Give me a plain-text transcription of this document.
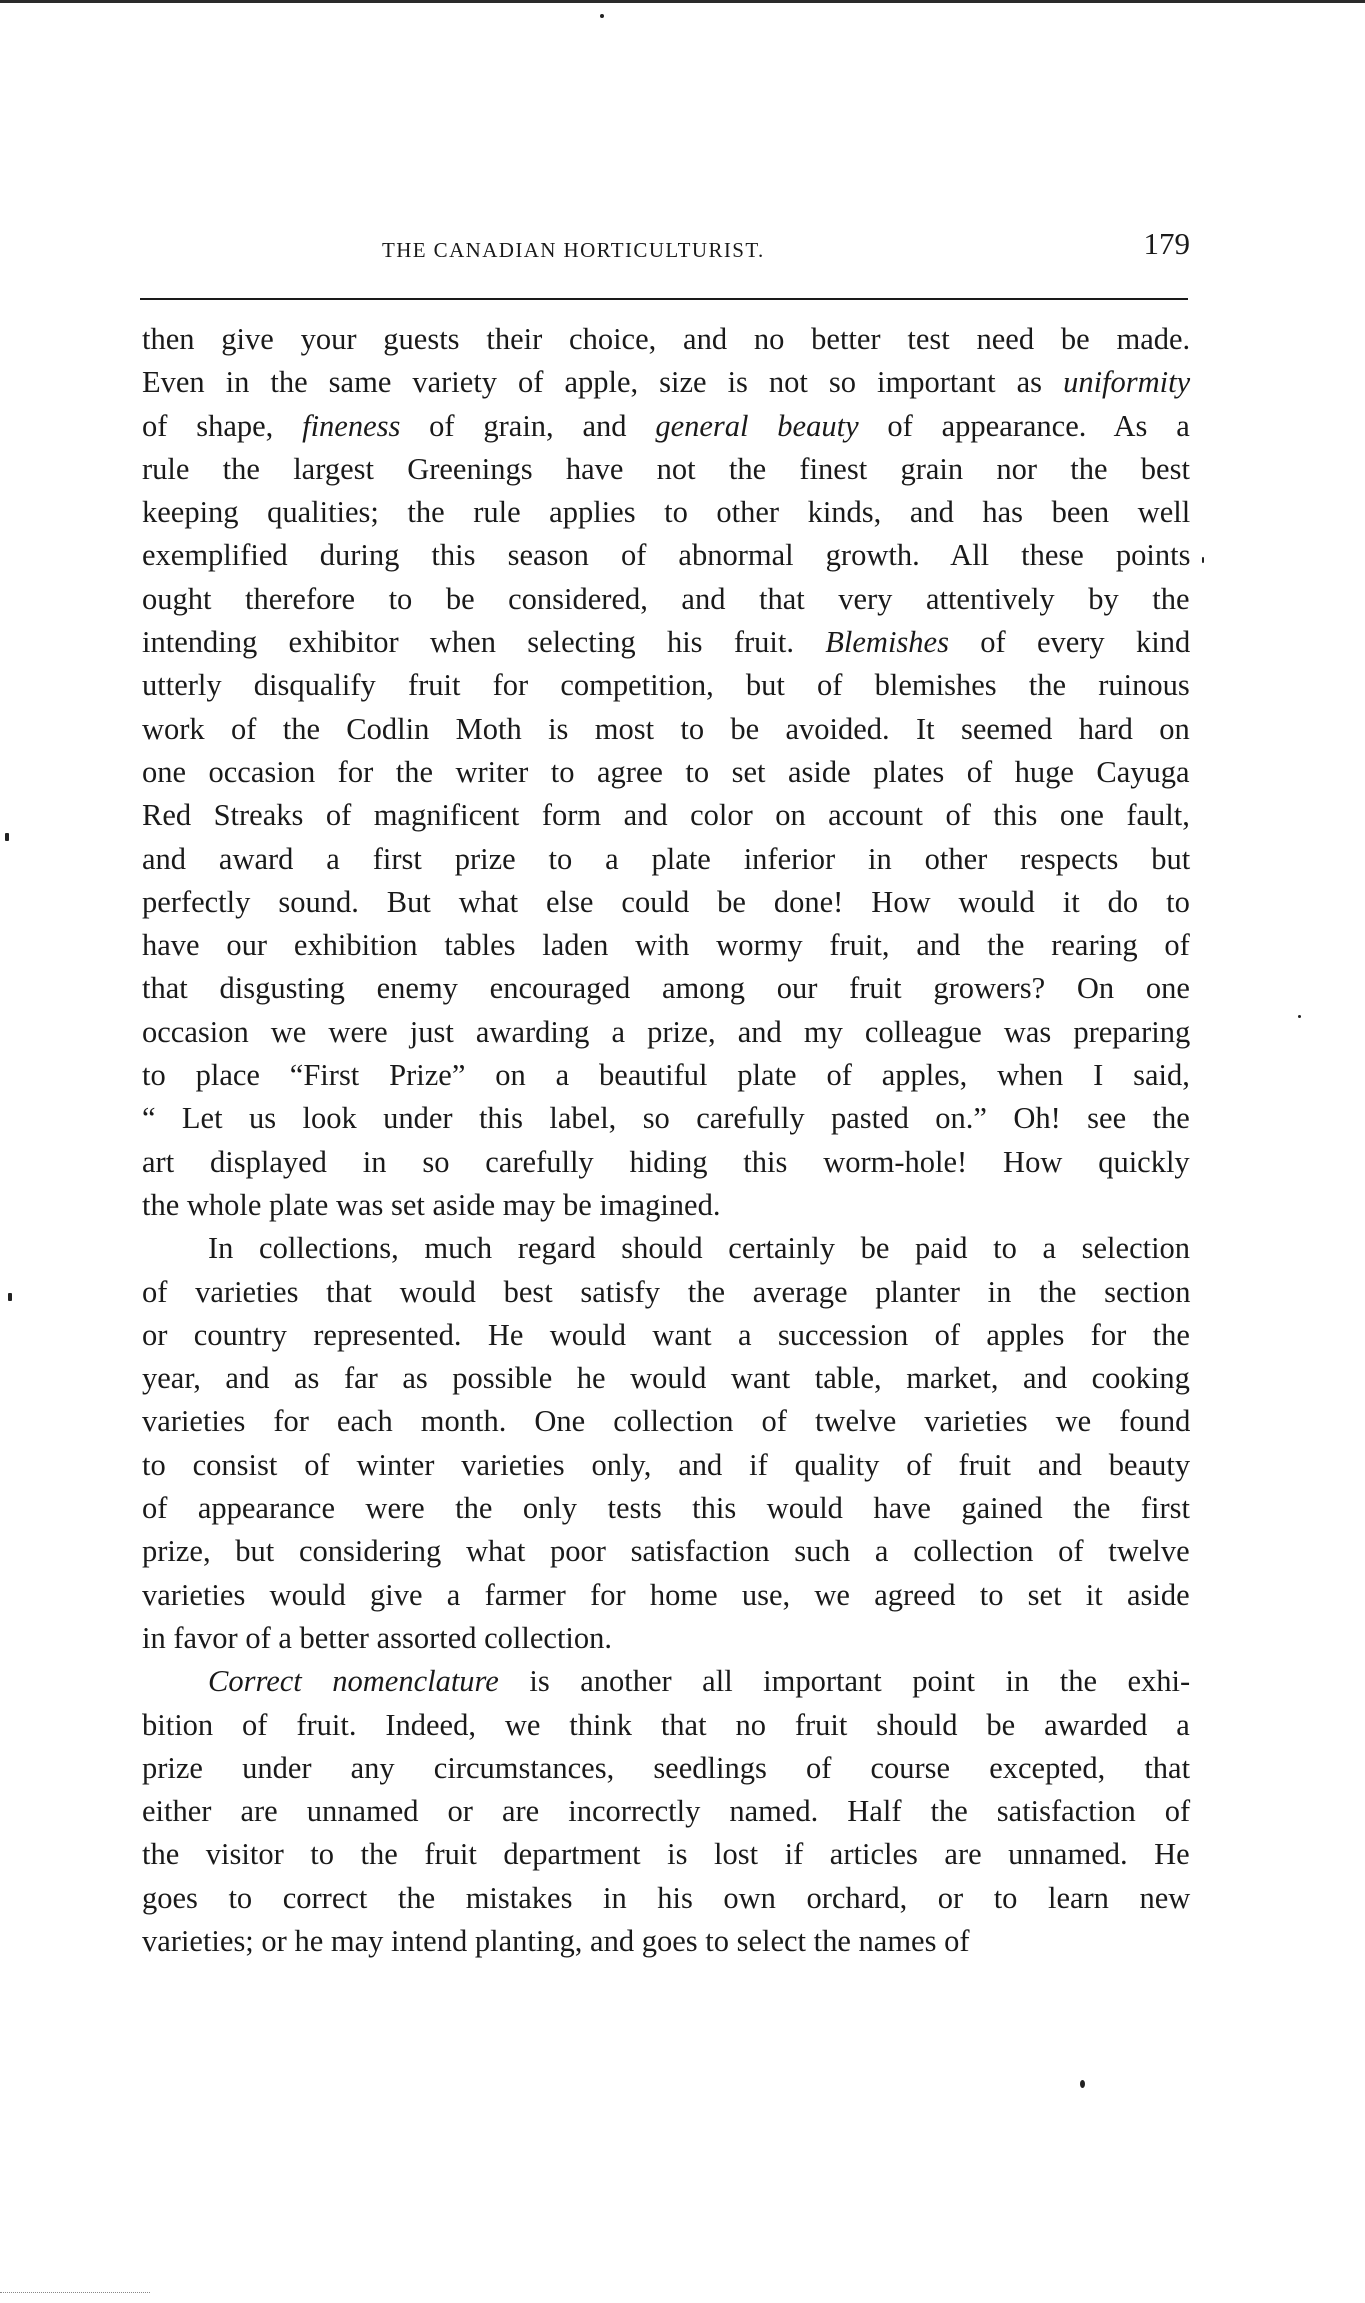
THE CANADIAN HORTICULTURIST.	179
then give your guests their choice, and no better test need be made.
Even in the same variety of apple, size is not so important as uniformity
of shape, fineness of grain, and general beauty of appearance. As a
rule the largest Greenings have not the finest grain nor the best
keeping qualities; the rule applies to other kinds, and has been well
exemplified during this season of abnormal growth. All these points
ought therefore to be considered, and that very attentively by the
intending exhibitor when selecting his fruit. Blemishes of every kind
utterly disqualify fruit for competition, but of blemishes the ruinous
work of the Codlin Moth is most to be avoided. It seemed hard on
one occasion for the writer to agree to set aside plates of huge Cayuga
Red Streaks of magnificent form and color on account of this one fault,
and award a first prize to a plate inferior in other respects but
perfectly sound. But what else could be done! How would it do to
have our exhibition tables laden with wormy fruit, and the rearing of
that disgusting enemy encouraged among our fruit growers? On one
occasion we were just awarding a prize, and my colleague was preparing
to place “First Prize” on a beautiful plate of apples, when I said,
“ Let us look under this label, so carefully pasted on.” Oh! see the
art displayed in so carefully hiding this worm-hole! How quickly
the whole plate was set aside may be imagined.
In collections, much regard should certainly be paid to a selection
of varieties that would best satisfy the average planter in the section
or country represented. He would want a succession of apples for the
year, and as far as possible he would want table, market, and cooking
varieties for each month. One collection of twelve varieties we found
to consist of winter varieties only, and if quality of fruit and beauty
of appearance were the only tests this would have gained the first
prize, but considering what poor satisfaction such a collection of twelve
varieties would give a farmer for home use, we agreed to set it aside
in favor of a better assorted collection.
Correct nomenclature is another all important point in the exhi-
bition of fruit. Indeed, we think that no fruit should be awarded a
prize under any circumstances, seedlings of course excepted, that
either are unnamed or are incorrectly named. Half the satisfaction of
the visitor to the fruit department is lost if articles are unnamed. He
goes to correct the mistakes in his own orchard, or to learn new
varieties; or he may intend planting, and goes to select the names of
